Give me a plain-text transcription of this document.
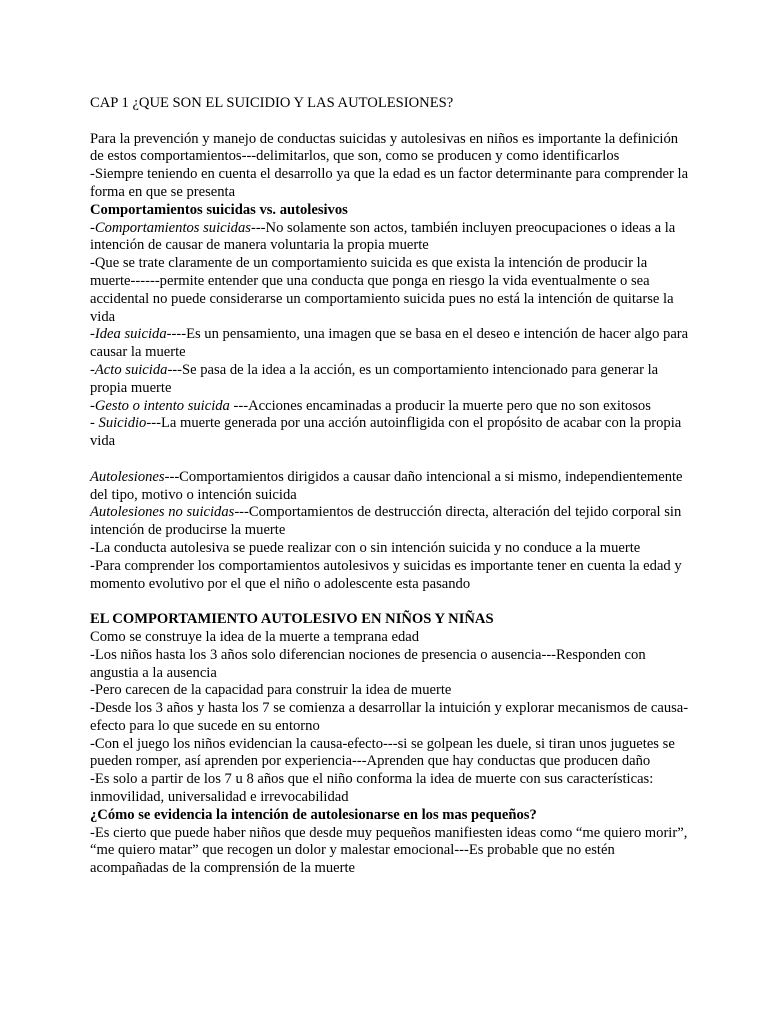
CAP 1 ¿QUE SON EL SUICIDIO Y LAS AUTOLESIONES?

Para la prevención y manejo de conductas suicidas y autolesivas en niños es importante la definición de estos comportamientos---delimitarlos, que son, como se producen y como identificarlos

-Siempre teniendo en cuenta el desarrollo ya que la edad es un factor determinante para comprender la forma en que se presenta

Comportamientos suicidas vs. autolesivos

-Comportamientos suicidas---No solamente son actos, también incluyen preocupaciones o ideas a la intención de causar de manera voluntaria la propia muerte

-Que se trate claramente de un comportamiento suicida es que exista la intención de producir la muerte------permite entender que una conducta que ponga en riesgo la vida eventualmente o sea accidental no puede considerarse un comportamiento suicida pues no está la intención de quitarse la vida

-Idea suicida----Es un pensamiento, una imagen que se basa en el deseo e intención de hacer algo para causar la muerte

-Acto suicida---Se pasa de la idea a la acción, es un comportamiento intencionado para generar la propia muerte

-Gesto o intento suicida ---Acciones encaminadas a producir la muerte pero que no son exitosos

- Suicidio---La muerte generada por una acción autoinfligida con el propósito de acabar con la propia vida

Autolesiones---Comportamientos dirigidos a causar daño intencional a si mismo, independientemente del tipo, motivo o intención suicida

Autolesiones no suicidas---Comportamientos de destrucción directa, alteración del tejido corporal sin intención de producirse la muerte

-La conducta autolesiva se puede realizar con o sin intención suicida y no conduce a la muerte

-Para comprender los comportamientos autolesivos y suicidas es importante tener en cuenta la edad y momento evolutivo por el que el niño o adolescente esta pasando

EL COMPORTAMIENTO AUTOLESIVO EN NIÑOS Y NIÑAS

Como se construye la idea de la muerte a temprana edad

-Los niños hasta los 3 años solo diferencian nociones de presencia o ausencia---Responden con angustia a la ausencia

-Pero carecen de la capacidad para construir la idea de muerte

-Desde los 3 años y hasta los 7 se comienza a desarrollar la intuición y explorar mecanismos de causa-efecto para lo que sucede en su entorno

-Con el juego los niños evidencian la causa-efecto---si se golpean les duele, si tiran unos juguetes se pueden romper, así aprenden por experiencia---Aprenden que hay conductas que producen daño

-Es solo a partir de los 7 u 8 años que el niño conforma la idea de muerte con sus características: inmovilidad, universalidad e irrevocabilidad

¿Cómo se evidencia la intención de autolesionarse en los mas pequeños?

-Es cierto que puede haber niños que desde muy pequeños manifiesten ideas como “me quiero morir”, “me quiero matar” que recogen un dolor y malestar emocional---Es probable que no estén acompañadas de la comprensión de la muerte
